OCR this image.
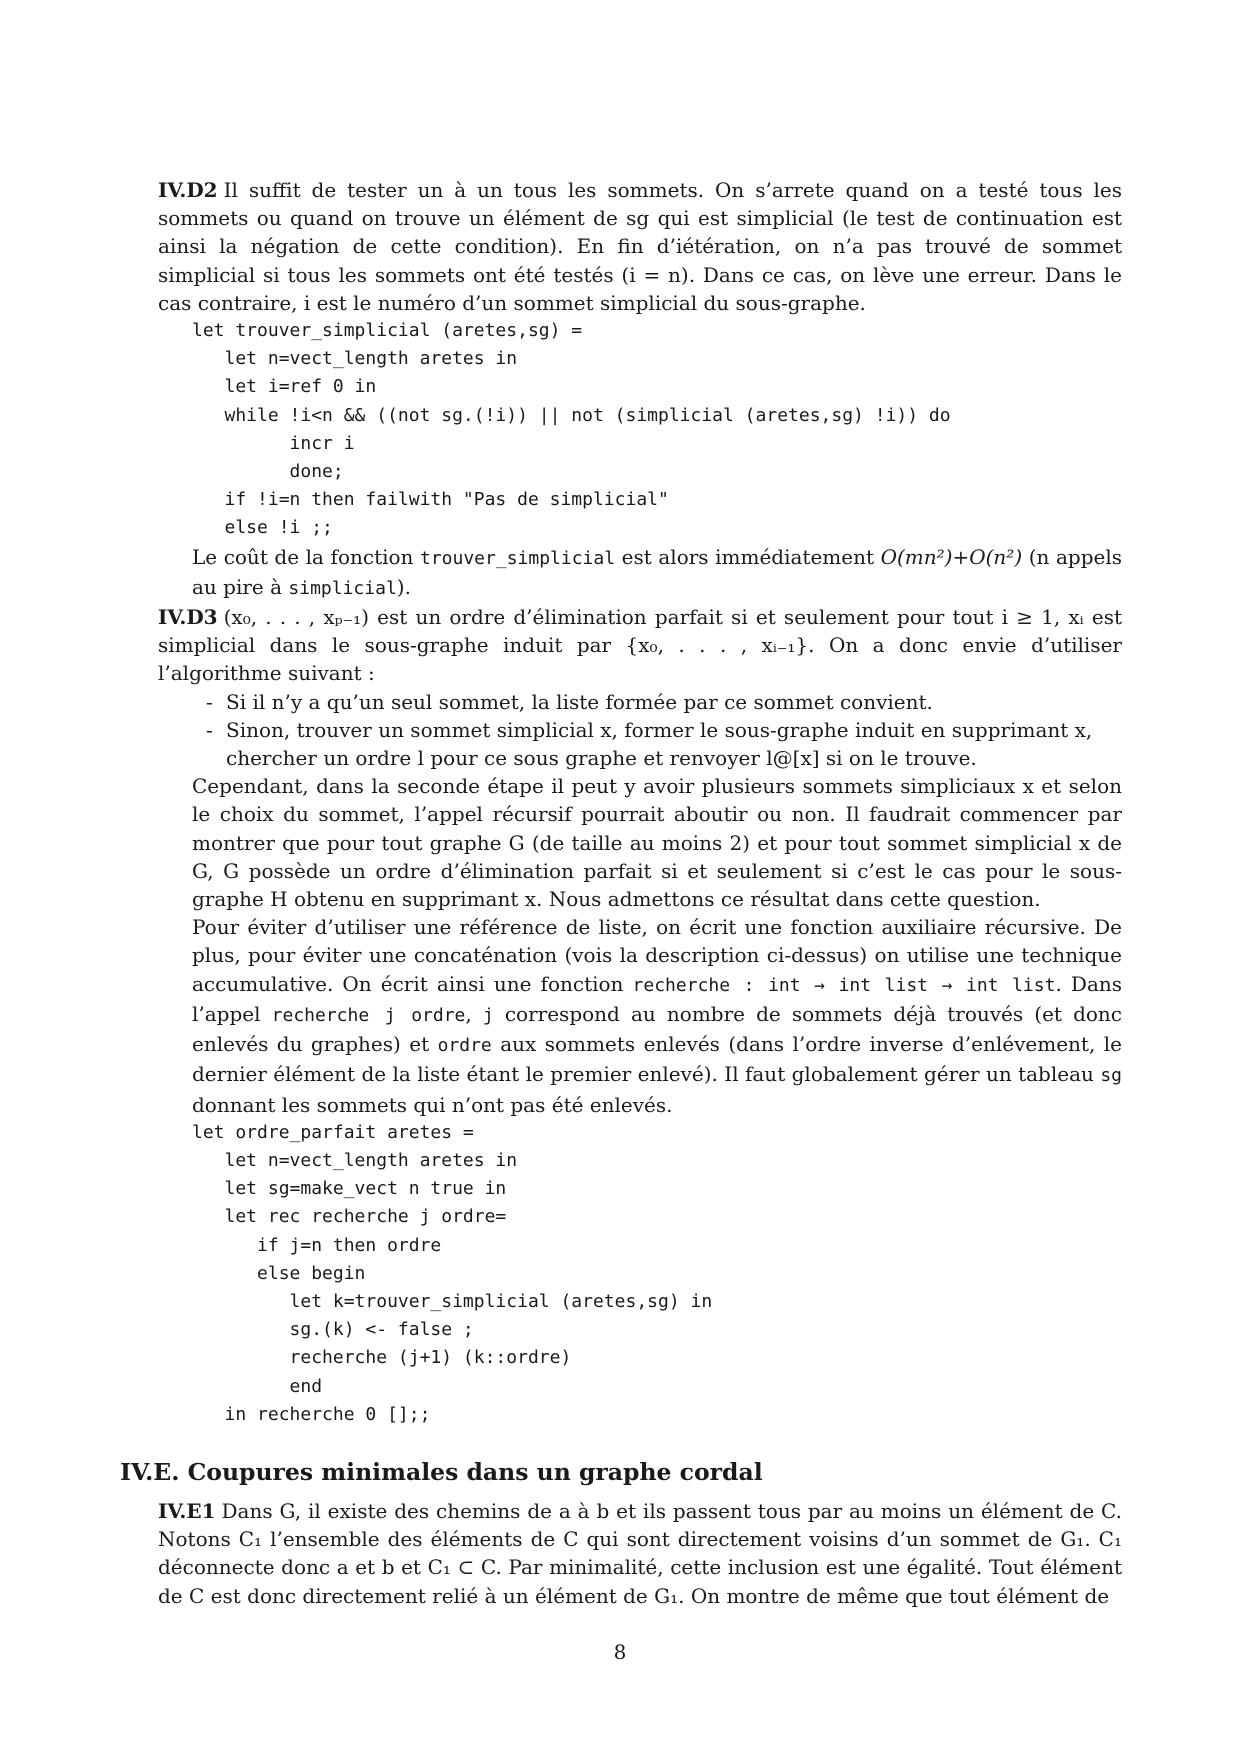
IV.D2 Il suffit de tester un à un tous les sommets. On s’arrete quand on a testé tous les sommets ou quand on trouve un élément de sg qui est simplicial (le test de continuation est ainsi la négation de cette condition). En fin d’iétération, on n’a pas trouvé de sommet simplicial si tous les sommets ont été testés (i = n). Dans ce cas, on lève une erreur. Dans le cas contraire, i est le numéro d’un sommet simplicial du sous-graphe.

let trouver_simplicial (aretes,sg) =
let n=vect_length aretes in
let i=ref 0 in
while !i<n && ((not sg.(!i)) || not (simplicial (aretes,sg) !i)) do
incr i
done;
if !i=n then failwith "Pas de simplicial"
else !i ;;

Le coût de la fonction trouver_simplicial est alors immédiatement O(mn²)+O(n²) (n appels au pire à simplicial).

IV.D3 (x₀, . . . , xₚ₋₁) est un ordre d’élimination parfait si et seulement pour tout i ≥ 1, xᵢ est simplicial dans le sous-graphe induit par {x₀, . . . , xᵢ₋₁}. On a donc envie d’utiliser l’algorithme suivant :

- Si il n’y a qu’un seul sommet, la liste formée par ce sommet convient.
- Sinon, trouver un sommet simplicial x, former le sous-graphe induit en supprimant x, chercher un ordre l pour ce sous graphe et renvoyer l@[x] si on le trouve.

Cependant, dans la seconde étape il peut y avoir plusieurs sommets simpliciaux x et selon le choix du sommet, l’appel récursif pourrait aboutir ou non. Il faudrait commencer par montrer que pour tout graphe G (de taille au moins 2) et pour tout sommet simplicial x de G, G possède un ordre d’élimination parfait si et seulement si c’est le cas pour le sous-graphe H obtenu en supprimant x. Nous admettons ce résultat dans cette question.

Pour éviter d’utiliser une référence de liste, on écrit une fonction auxiliaire récursive. De plus, pour éviter une concaténation (vois la description ci-dessus) on utilise une technique accumulative. On écrit ainsi une fonction recherche : int → int list → int list. Dans l’appel recherche j ordre, j correspond au nombre de sommets déjà trouvés (et donc enlevés du graphes) et ordre aux sommets enlevés (dans l’ordre inverse d’enlévement, le dernier élément de la liste étant le premier enlevé). Il faut globalement gérer un tableau sg donnant les sommets qui n’ont pas été enlevés.

let ordre_parfait aretes =
let n=vect_length aretes in
let sg=make_vect n true in
let rec recherche j ordre=
if j=n then ordre
else begin
let k=trouver_simplicial (aretes,sg) in
sg.(k) <- false ;
recherche (j+1) (k::ordre)
end
in recherche 0 [];;
IV.E. Coupures minimales dans un graphe cordal

IV.E1 Dans G, il existe des chemins de a à b et ils passent tous par au moins un élément de C. Notons C₁ l’ensemble des éléments de C qui sont directement voisins d’un sommet de G₁. C₁ déconnecte donc a et b et C₁ ⊂ C. Par minimalité, cette inclusion est une égalité. Tout élément de C est donc directement relié à un élément de G₁. On montre de même que tout élément de

8
